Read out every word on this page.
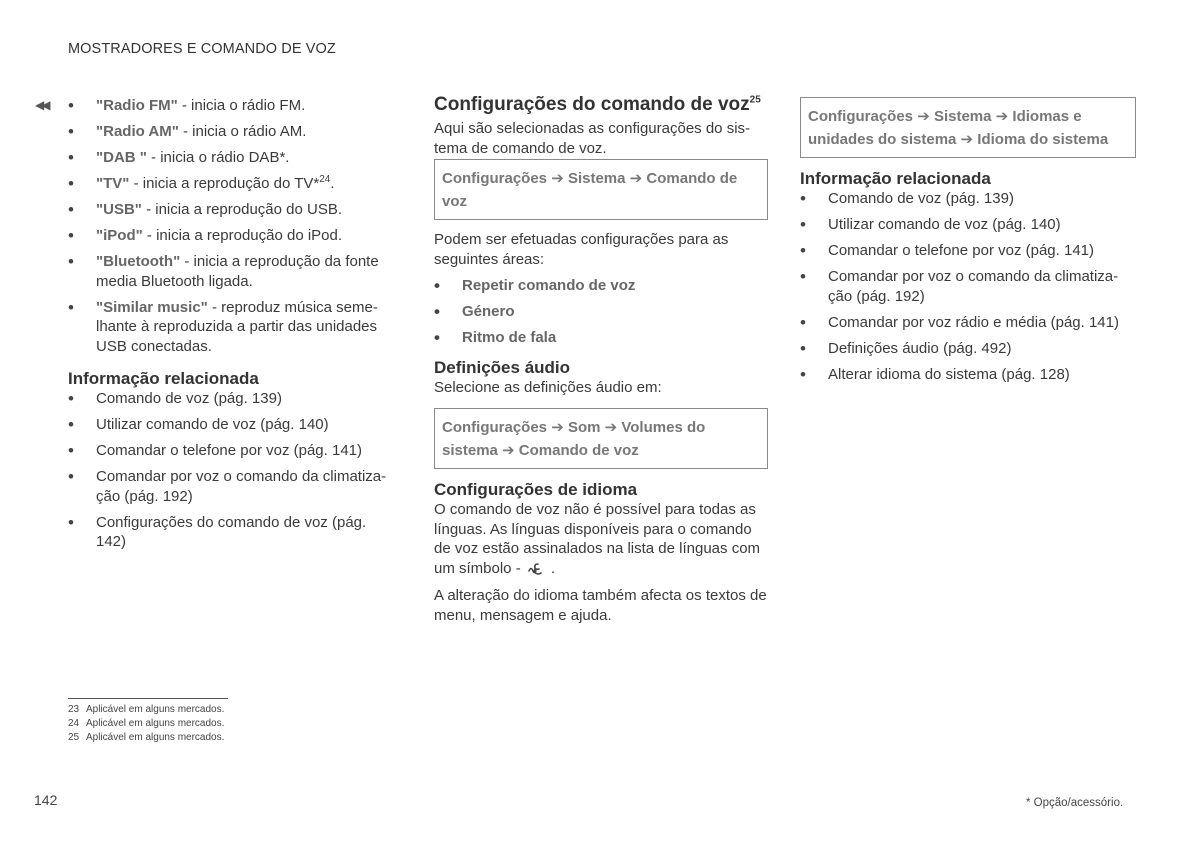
MOSTRADORES E COMANDO DE VOZ
◀◀
•	"Radio FM" - inicia o rádio FM.
• "Radio AM" - inicia o rádio AM.
• "DAB " - inicia o rádio DAB*.
• "TV" - inicia a reprodução do TV*$^{24}$.
• "USB" - inicia a reprodução do USB.
• "iPod" - inicia a reprodução do iPod.
• "Bluetooth" - inicia a reprodução da fonte media Bluetooth ligada.
• "Similar music" - reproduz música seme-lhante à reproduzida a partir das unidades USB conectadas.
Informação relacionada
• Comando de voz (pág. 139)
• Utilizar comando de voz (pág. 140)
• Comandar o telefone por voz (pág. 141)
• Comandar por voz o comando da climatiza-ção (pág. 192)
• Configurações do comando de voz (pág. 142)
Configurações do comando de voz$^{25}$

Aqui são selecionadas as configurações do sis-tema de comando de voz.

Configurações ➔ Sistema ➔ Comando de voz

Podem ser efetuadas configurações para as seguintes áreas:

• Repetir comando de voz
• Género
• Ritmo de fala
Definições áudio

Selecione as definições áudio em:

Configurações ➔ Som ➔ Volumes do sistema ➔ Comando de voz
Configurações de idioma

O comando de voz não é possível para todas as línguas. As línguas disponíveis para o comando de voz estão assinalados na lista de línguas com um símbolo - .

A alteração do idioma também afecta os textos de menu, mensagem e ajuda.

Configurações ➔ Sistema ➔ Idiomas e unidades do sistema ➔ Idioma do sistema
Informação relacionada
• Comando de voz (pág. 139)
• Utilizar comando de voz (pág. 140)
• Comandar o telefone por voz (pág. 141)
• Comandar por voz o comando da climatiza-ção (pág. 192)
• Comandar por voz rádio e média (pág. 141)
• Definições áudio (pág. 492)
• Alterar idioma do sistema (pág. 128)
23 Aplicável em alguns mercados.
24 Aplicável em alguns mercados.
25 Aplicável em alguns mercados.
142	* Opção/acessório.
